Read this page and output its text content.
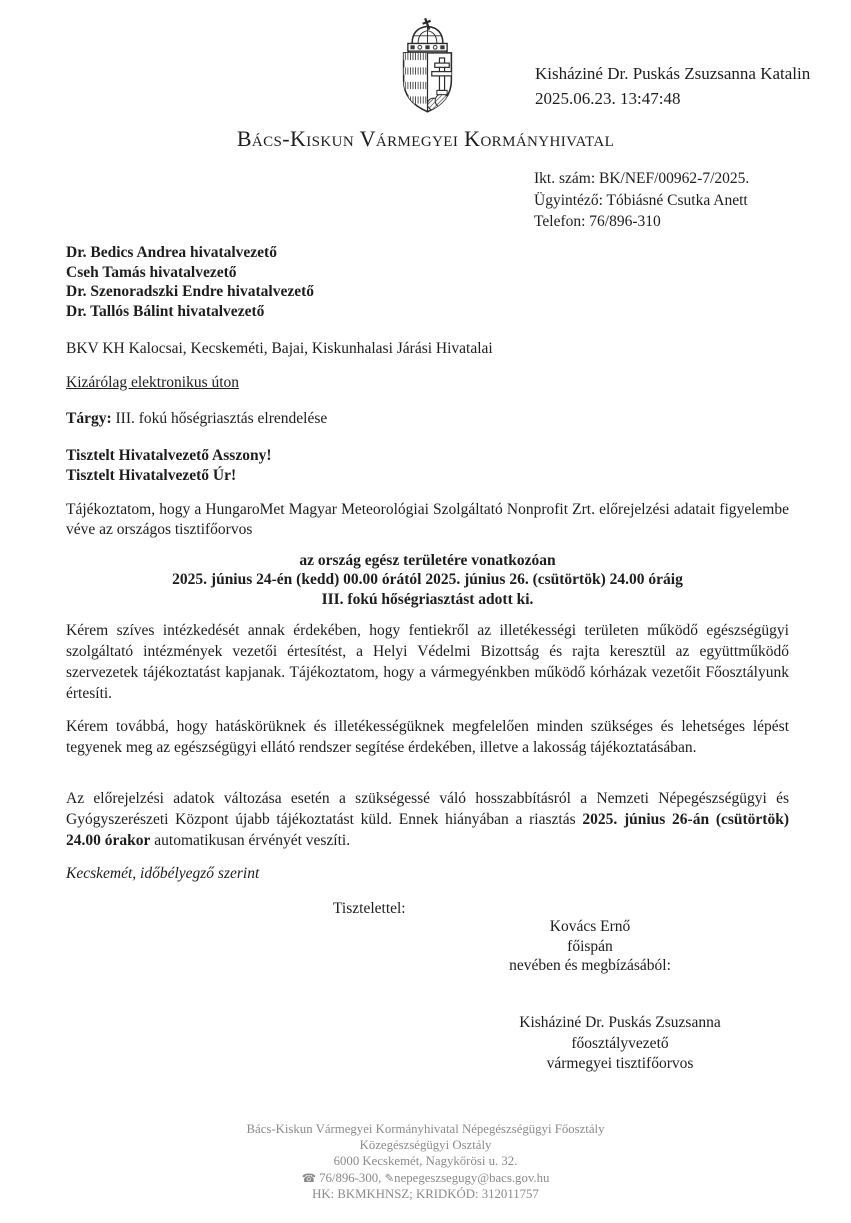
Kisháziné Dr. Puskás Zsuzsanna Katalin
2025.06.23. 13:47:48
Bács-Kiskun Vármegyei Kormányhivatal
Ikt. szám: BK/NEF/00962-7/2025.
Ügyintéző: Tóbiásné Csutka Anett
Telefon: 76/896-310

Dr. Bedics Andrea hivatalvezető

Cseh Tamás hivatalvezető

Dr. Szenoradszki Endre hivatalvezető

Dr. Tallós Bálint hivatalvezető

BKV KH Kalocsai, Kecskeméti, Bajai, Kiskunhalasi Járási Hivatalai

Kizárólag elektronikus úton

Tárgy: III. fokú hőségriasztás elrendelése

Tisztelt Hivatalvezető Asszony!

Tisztelt Hivatalvezető Úr!

Tájékoztatom, hogy a HungaroMet Magyar Meteorológiai Szolgáltató Nonprofit Zrt. előrejelzési adatait figyelembe véve az országos tisztifőorvos

az ország egész területére vonatkozóan

2025. június 24-én (kedd) 00.00 órától 2025. június 26. (csütörtök) 24.00 óráig

III. fokú hőségriasztást adott ki.

Kérem szíves intézkedését annak érdekében, hogy fentiekről az illetékességi területen működő egészségügyi szolgáltató intézmények vezetői értesítést, a Helyi Védelmi Bizottság és rajta keresztül az együttműködő szervezetek tájékoztatást kapjanak. Tájékoztatom, hogy a vármegyénkben működő kórházak vezetőit Főosztályunk értesíti.

Kérem továbbá, hogy hatáskörüknek és illetékességüknek megfelelően minden szükséges és lehetséges lépést tegyenek meg az egészségügyi ellátó rendszer segítése érdekében, illetve a lakosság tájékoztatásában.

Az előrejelzési adatok változása esetén a szükségessé váló hosszabbításról a Nemzeti Népegészségügyi és Gyógyszerészeti Központ újabb tájékoztatást küld. Ennek hiányában a riasztás 2025. június 26-án (csütörtök) 24.00 órakor automatikusan érvényét veszíti.

Kecskemét, időbélyegző szerint

Tisztelettel:
Kovács Ernő
főispán
nevében és megbízásából:
Kisháziné Dr. Puskás Zsuzsanna
főosztályvezető
vármegyei tisztifőorvos
Bács-Kiskun Vármegyei Kormányhivatal Népegészségügyi Főosztály
Közegészségügyi Osztály
6000 Kecskemét, Nagykőrösi u. 32.
☎ 76/896-300, ✎nepegeszsegugy@bacs.gov.hu
HK: BKMKHNSZ; KRIDKÓD: 312011757
